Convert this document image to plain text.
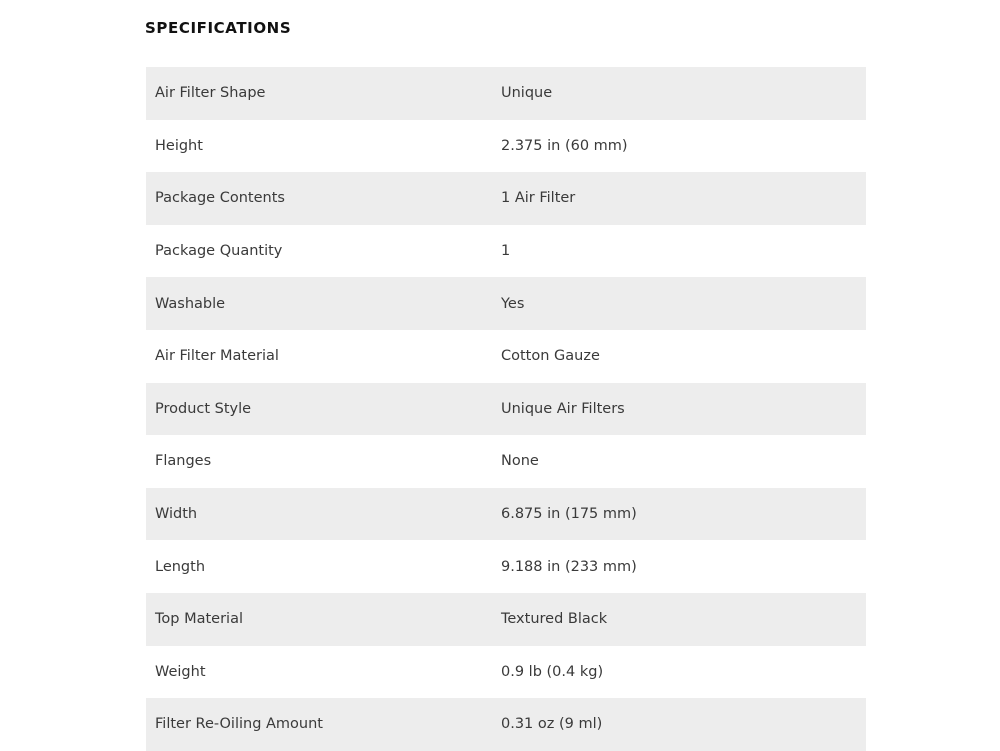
SPECIFICATIONS
Air Filter Shape	Unique
Height	2.375 in (60 mm)
Package Contents	1 Air Filter
Package Quantity	1
Washable	Yes
Air Filter Material	Cotton Gauze
Product Style	Unique Air Filters
Flanges	None
Width	6.875 in (175 mm)
Length	9.188 in (233 mm)
Top Material	Textured Black
Weight	0.9 lb (0.4 kg)
Filter Re-Oiling Amount	0.31 oz (9 ml)
